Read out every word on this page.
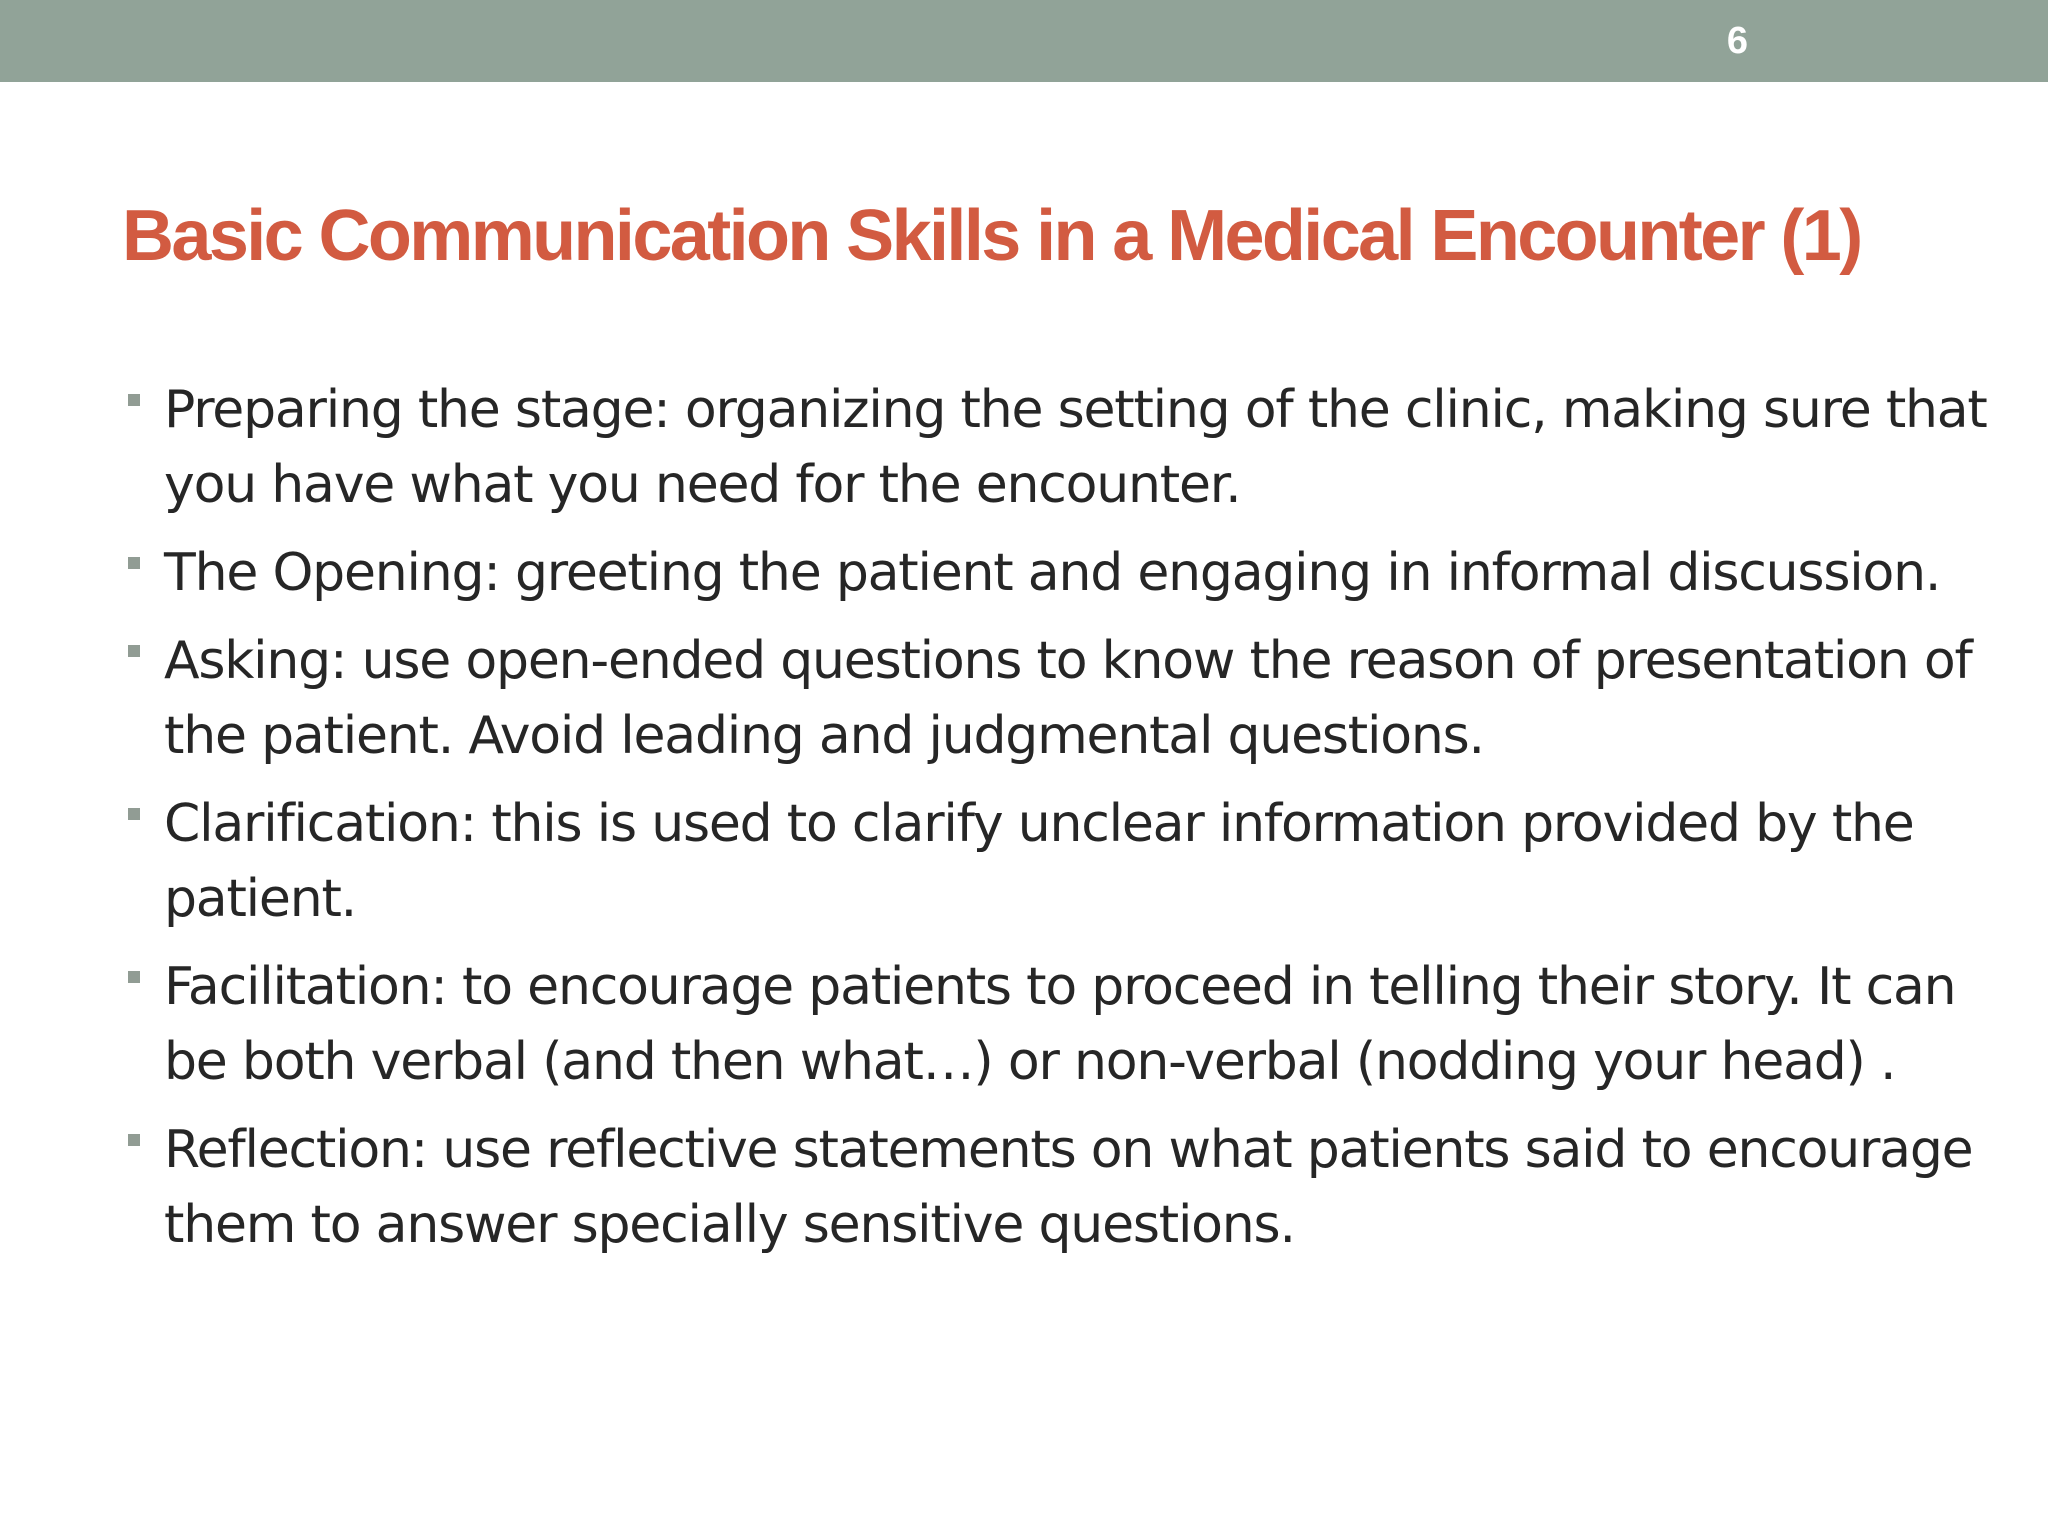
6
Basic Communication Skills in a Medical Encounter (1)
Preparing the stage: organizing the setting of the clinic, making sure that you have what you need for the encounter.
The Opening: greeting the patient and engaging in informal discussion.
Asking: use open-ended questions to know the reason of presentation of the patient. Avoid leading and judgmental questions.
Clarification: this is used to clarify unclear information provided by the patient.
Facilitation: to encourage patients to proceed in telling their story. It can be both verbal (and then what…) or non-verbal (nodding your head) .
Reflection: use reflective statements on what patients said to encourage them to answer specially sensitive questions.
